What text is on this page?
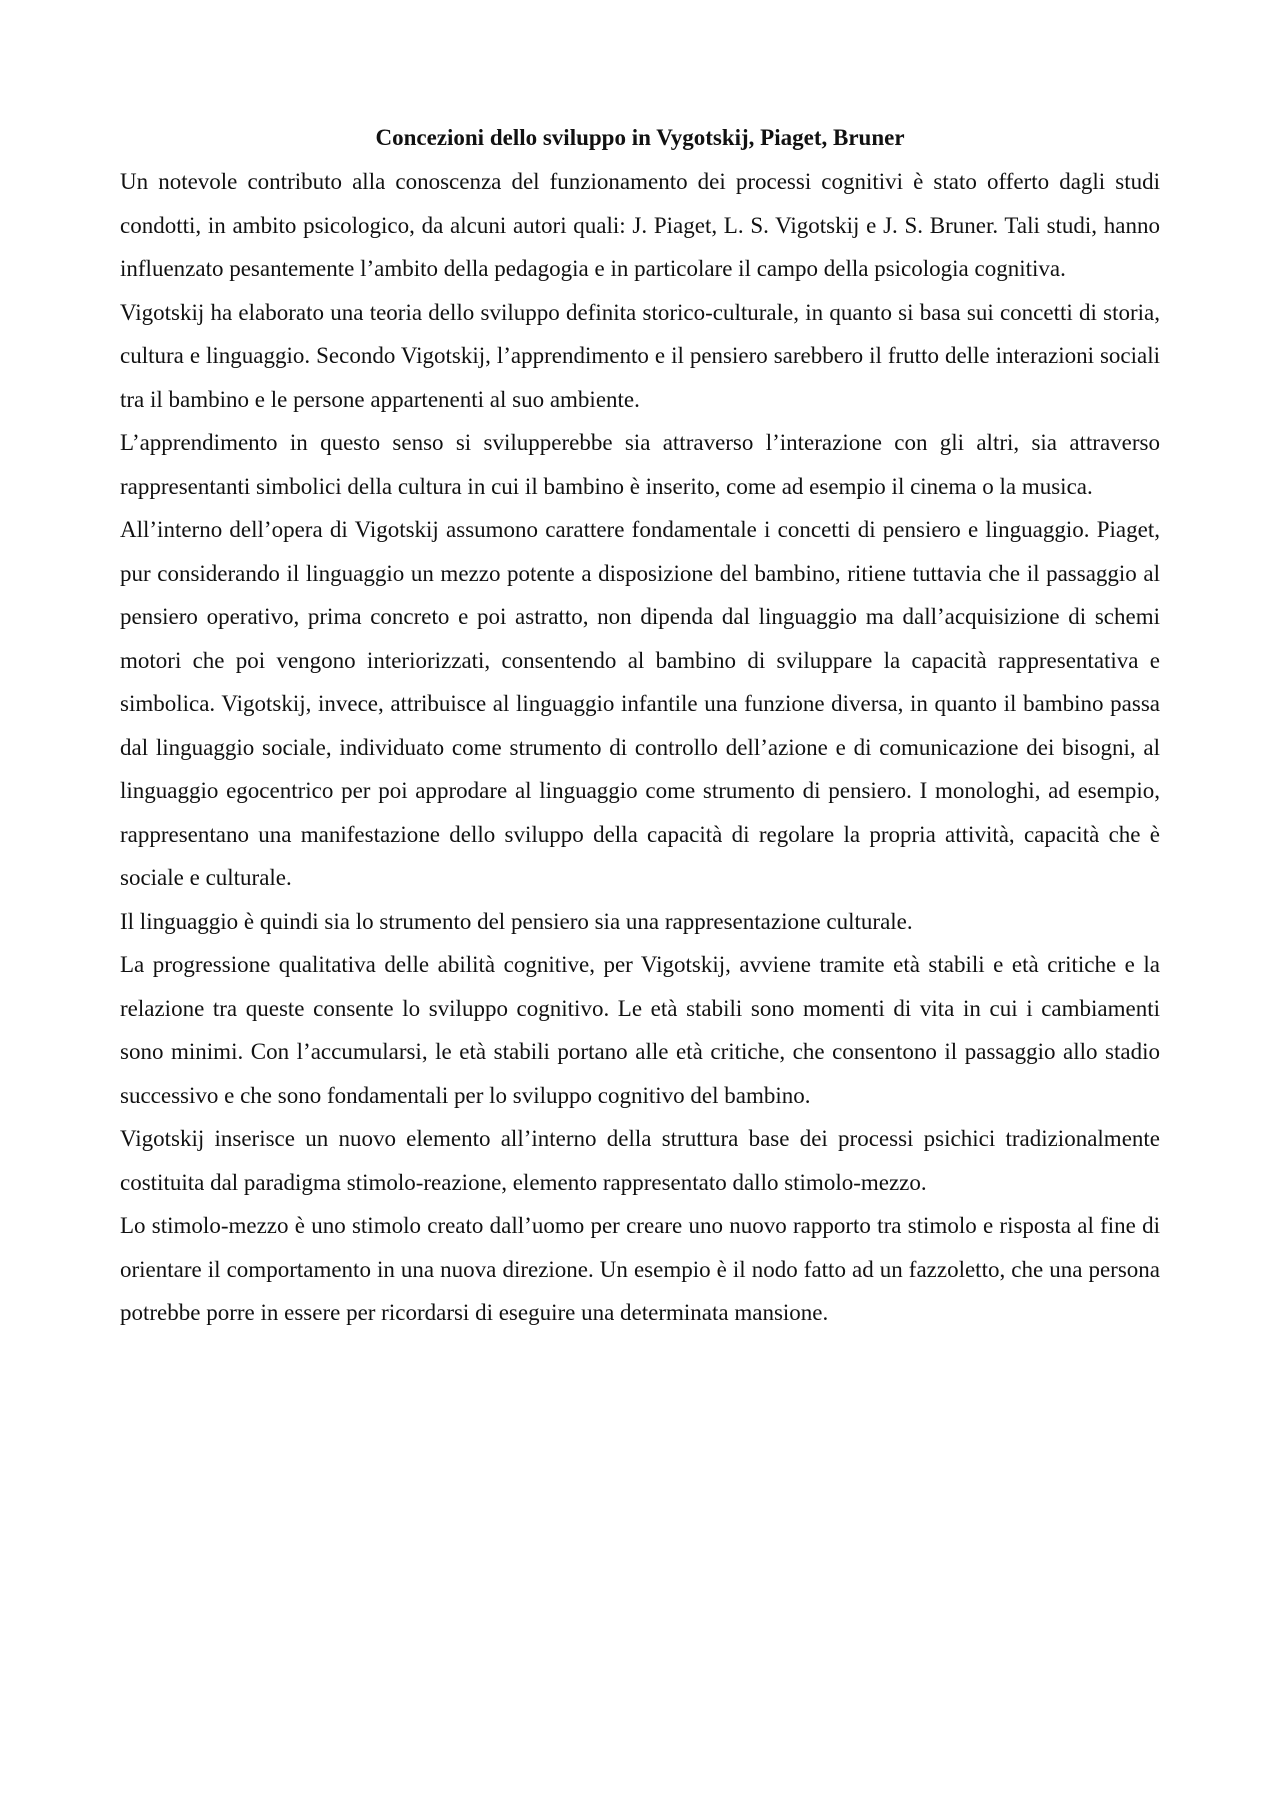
Concezioni dello sviluppo in Vygotskij, Piaget, Bruner

Un notevole contributo alla conoscenza del funzionamento dei processi cognitivi è stato offerto dagli studi condotti, in ambito psicologico, da alcuni autori quali: J. Piaget, L. S. Vigotskij e J. S. Bruner. Tali studi, hanno influenzato pesantemente l’ambito della pedagogia e in particolare il campo della psicologia cognitiva.

Vigotskij ha elaborato una teoria dello sviluppo definita storico-culturale, in quanto si basa sui concetti di storia, cultura e linguaggio. Secondo Vigotskij, l’apprendimento e il pensiero sarebbero il frutto delle interazioni sociali tra il bambino e le persone appartenenti al suo ambiente.

L’apprendimento in questo senso si svilupperebbe sia attraverso l’interazione con gli altri, sia attraverso rappresentanti simbolici della cultura in cui il bambino è inserito, come ad esempio il cinema o la musica.

All’interno dell’opera di Vigotskij assumono carattere fondamentale i concetti di pensiero e linguaggio. Piaget, pur considerando il linguaggio un mezzo potente a disposizione del bambino, ritiene tuttavia che il passaggio al pensiero operativo, prima concreto e poi astratto, non dipenda dal linguaggio ma dall’acquisizione di schemi motori che poi vengono interiorizzati, consentendo al bambino di sviluppare la capacità rappresentativa e simbolica. Vigotskij, invece, attribuisce al linguaggio infantile una funzione diversa, in quanto il bambino passa dal linguaggio sociale, individuato come strumento di controllo dell’azione e di comunicazione dei bisogni, al linguaggio egocentrico per poi approdare al linguaggio come strumento di pensiero. I monologhi, ad esempio, rappresentano una manifestazione dello sviluppo della capacità di regolare la propria attività, capacità che è sociale e culturale.

Il linguaggio è quindi sia lo strumento del pensiero sia una rappresentazione culturale.

La progressione qualitativa delle abilità cognitive, per Vigotskij, avviene tramite età stabili e età critiche e la relazione tra queste consente lo sviluppo cognitivo. Le età stabili sono momenti di vita in cui i cambiamenti sono minimi. Con l’accumularsi, le età stabili portano alle età critiche, che consentono il passaggio allo stadio successivo e che sono fondamentali per lo sviluppo cognitivo del bambino.

Vigotskij inserisce un nuovo elemento all’interno della struttura base dei processi psichici tradizionalmente costituita dal paradigma stimolo-reazione, elemento rappresentato dallo stimolo-mezzo.

Lo stimolo-mezzo è uno stimolo creato dall’uomo per creare uno nuovo rapporto tra stimolo e risposta al fine di orientare il comportamento in una nuova direzione. Un esempio è il nodo fatto ad un fazzoletto, che una persona potrebbe porre in essere per ricordarsi di eseguire una determinata mansione.
